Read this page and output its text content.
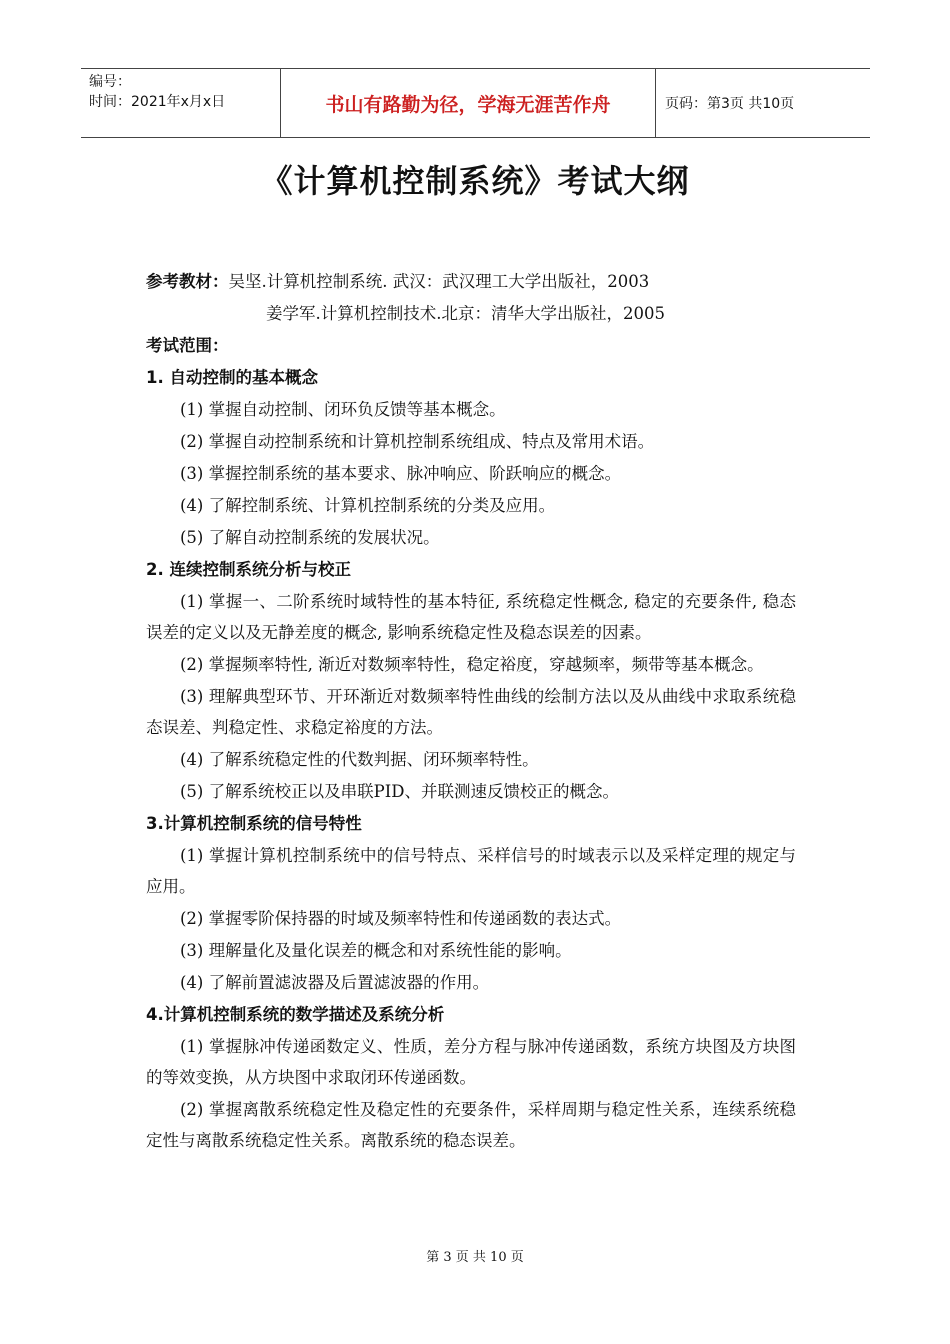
编号：
时间：2021年x月x日	书山有路勤为径，学海无涯苦作舟	页码：第3页 共10页
《计算机控制系统》考试大纲

参考教材：吴坚.计算机控制系统. 武汉：武汉理工大学出版社，2003

姜学军.计算机控制技术.北京：清华大学出版社，2005

考试范围：

1. 自动控制的基本概念

(1) 掌握自动控制、闭环负反馈等基本概念。

(2) 掌握自动控制系统和计算机控制系统组成、特点及常用术语。

(3) 掌握控制系统的基本要求、脉冲响应、阶跃响应的概念。

(4) 了解控制系统、计算机控制系统的分类及应用。

(5) 了解自动控制系统的发展状况。

2. 连续控制系统分析与校正

(1) 掌握一、二阶系统时域特性的基本特征, 系统稳定性概念, 稳定的充要条件, 稳态误差的定义以及无静差度的概念, 影响系统稳定性及稳态误差的因素。

(2) 掌握频率特性, 渐近对数频率特性，稳定裕度，穿越频率，频带等基本概念。

(3) 理解典型环节、开环渐近对数频率特性曲线的绘制方法以及从曲线中求取系统稳态误差、判稳定性、求稳定裕度的方法。

(4) 了解系统稳定性的代数判据、闭环频率特性。

(5) 了解系统校正以及串联PID、并联测速反馈校正的概念。

3.计算机控制系统的信号特性

(1) 掌握计算机控制系统中的信号特点、采样信号的时域表示以及采样定理的规定与应用。

(2) 掌握零阶保持器的时域及频率特性和传递函数的表达式。

(3) 理解量化及量化误差的概念和对系统性能的影响。

(4) 了解前置滤波器及后置滤波器的作用。

4.计算机控制系统的数学描述及系统分析

(1) 掌握脉冲传递函数定义、性质，差分方程与脉冲传递函数，系统方块图及方块图的等效变换，从方块图中求取闭环传递函数。

(2) 掌握离散系统稳定性及稳定性的充要条件，采样周期与稳定性关系，连续系统稳定性与离散系统稳定性关系。离散系统的稳态误差。

第 3 页 共 10 页
